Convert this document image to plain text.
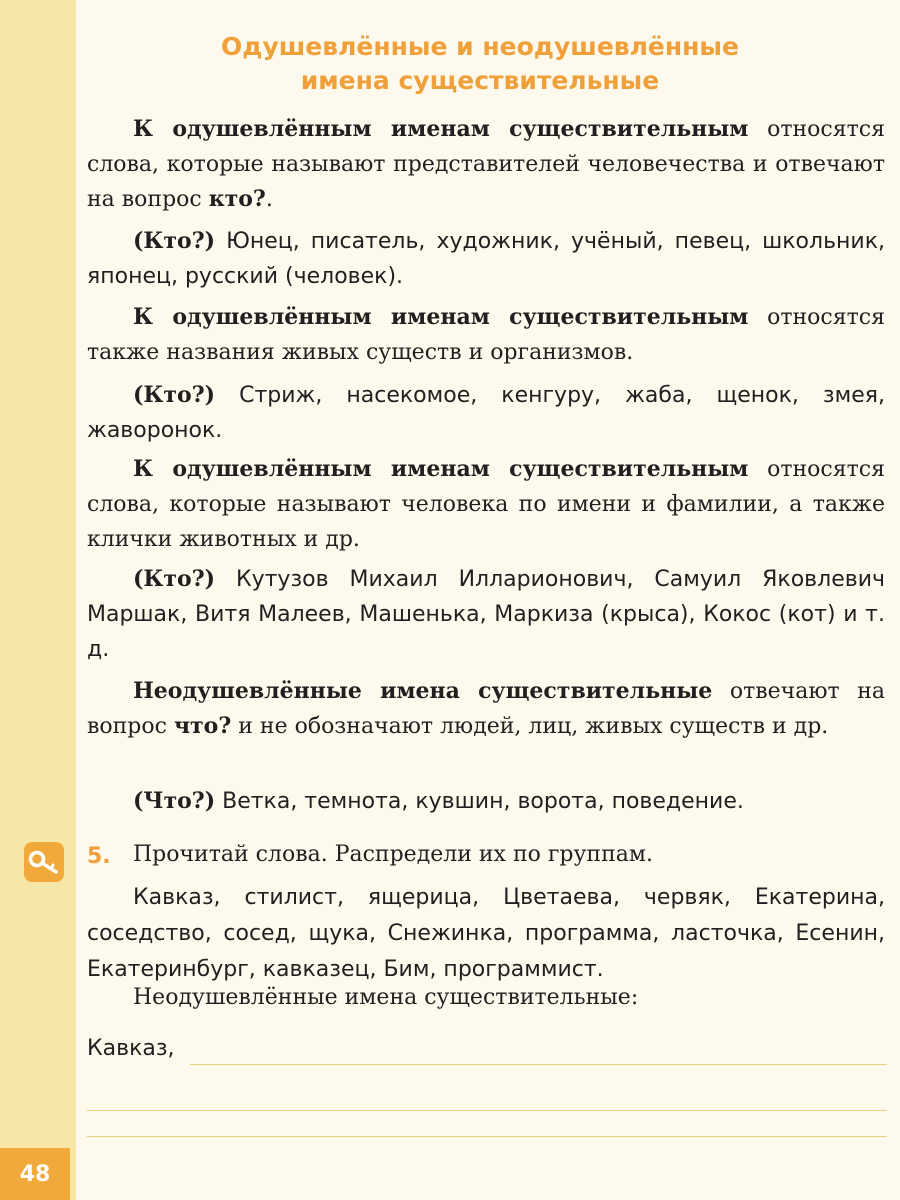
48
Одушевлённые и неодушевлённые
имена существительные

К одушевлённым именам существительным относятся слова, которые называют представителей человечества и отвечают на вопрос кто?.

(Кто?) Юнец, писатель, художник, учёный, певец, школьник, японец, русский (человек).

К одушевлённым именам существительным относятся также названия живых существ и организмов.

(Кто?) Стриж, насекомое, кенгуру, жаба, щенок, змея, жаворонок.

К одушевлённым именам существительным относятся слова, которые называют человека по имени и фамилии, а также клички животных и др.

(Кто?) Кутузов Михаил Илларионович, Самуил Яковлевич Маршак, Витя Малеев, Машенька, Маркиза (крыса), Кокос (кот) и т. д.

Неодушевлённые имена существительные отвечают на вопрос что? и не обозначают людей, лиц, живых существ и др.

(Что?) Ветка, темнота, кувшин, ворота, поведение.

5. Прочитай слова. Распредели их по группам.

Кавказ, стилист, ящерица, Цветаева, червяк, Екатерина, соседство, сосед, щука, Снежинка, программа, ласточка, Есенин, Екатеринбург, кавказец, Бим, программист.

Неодушевлённые имена существительные:
Кавказ,
